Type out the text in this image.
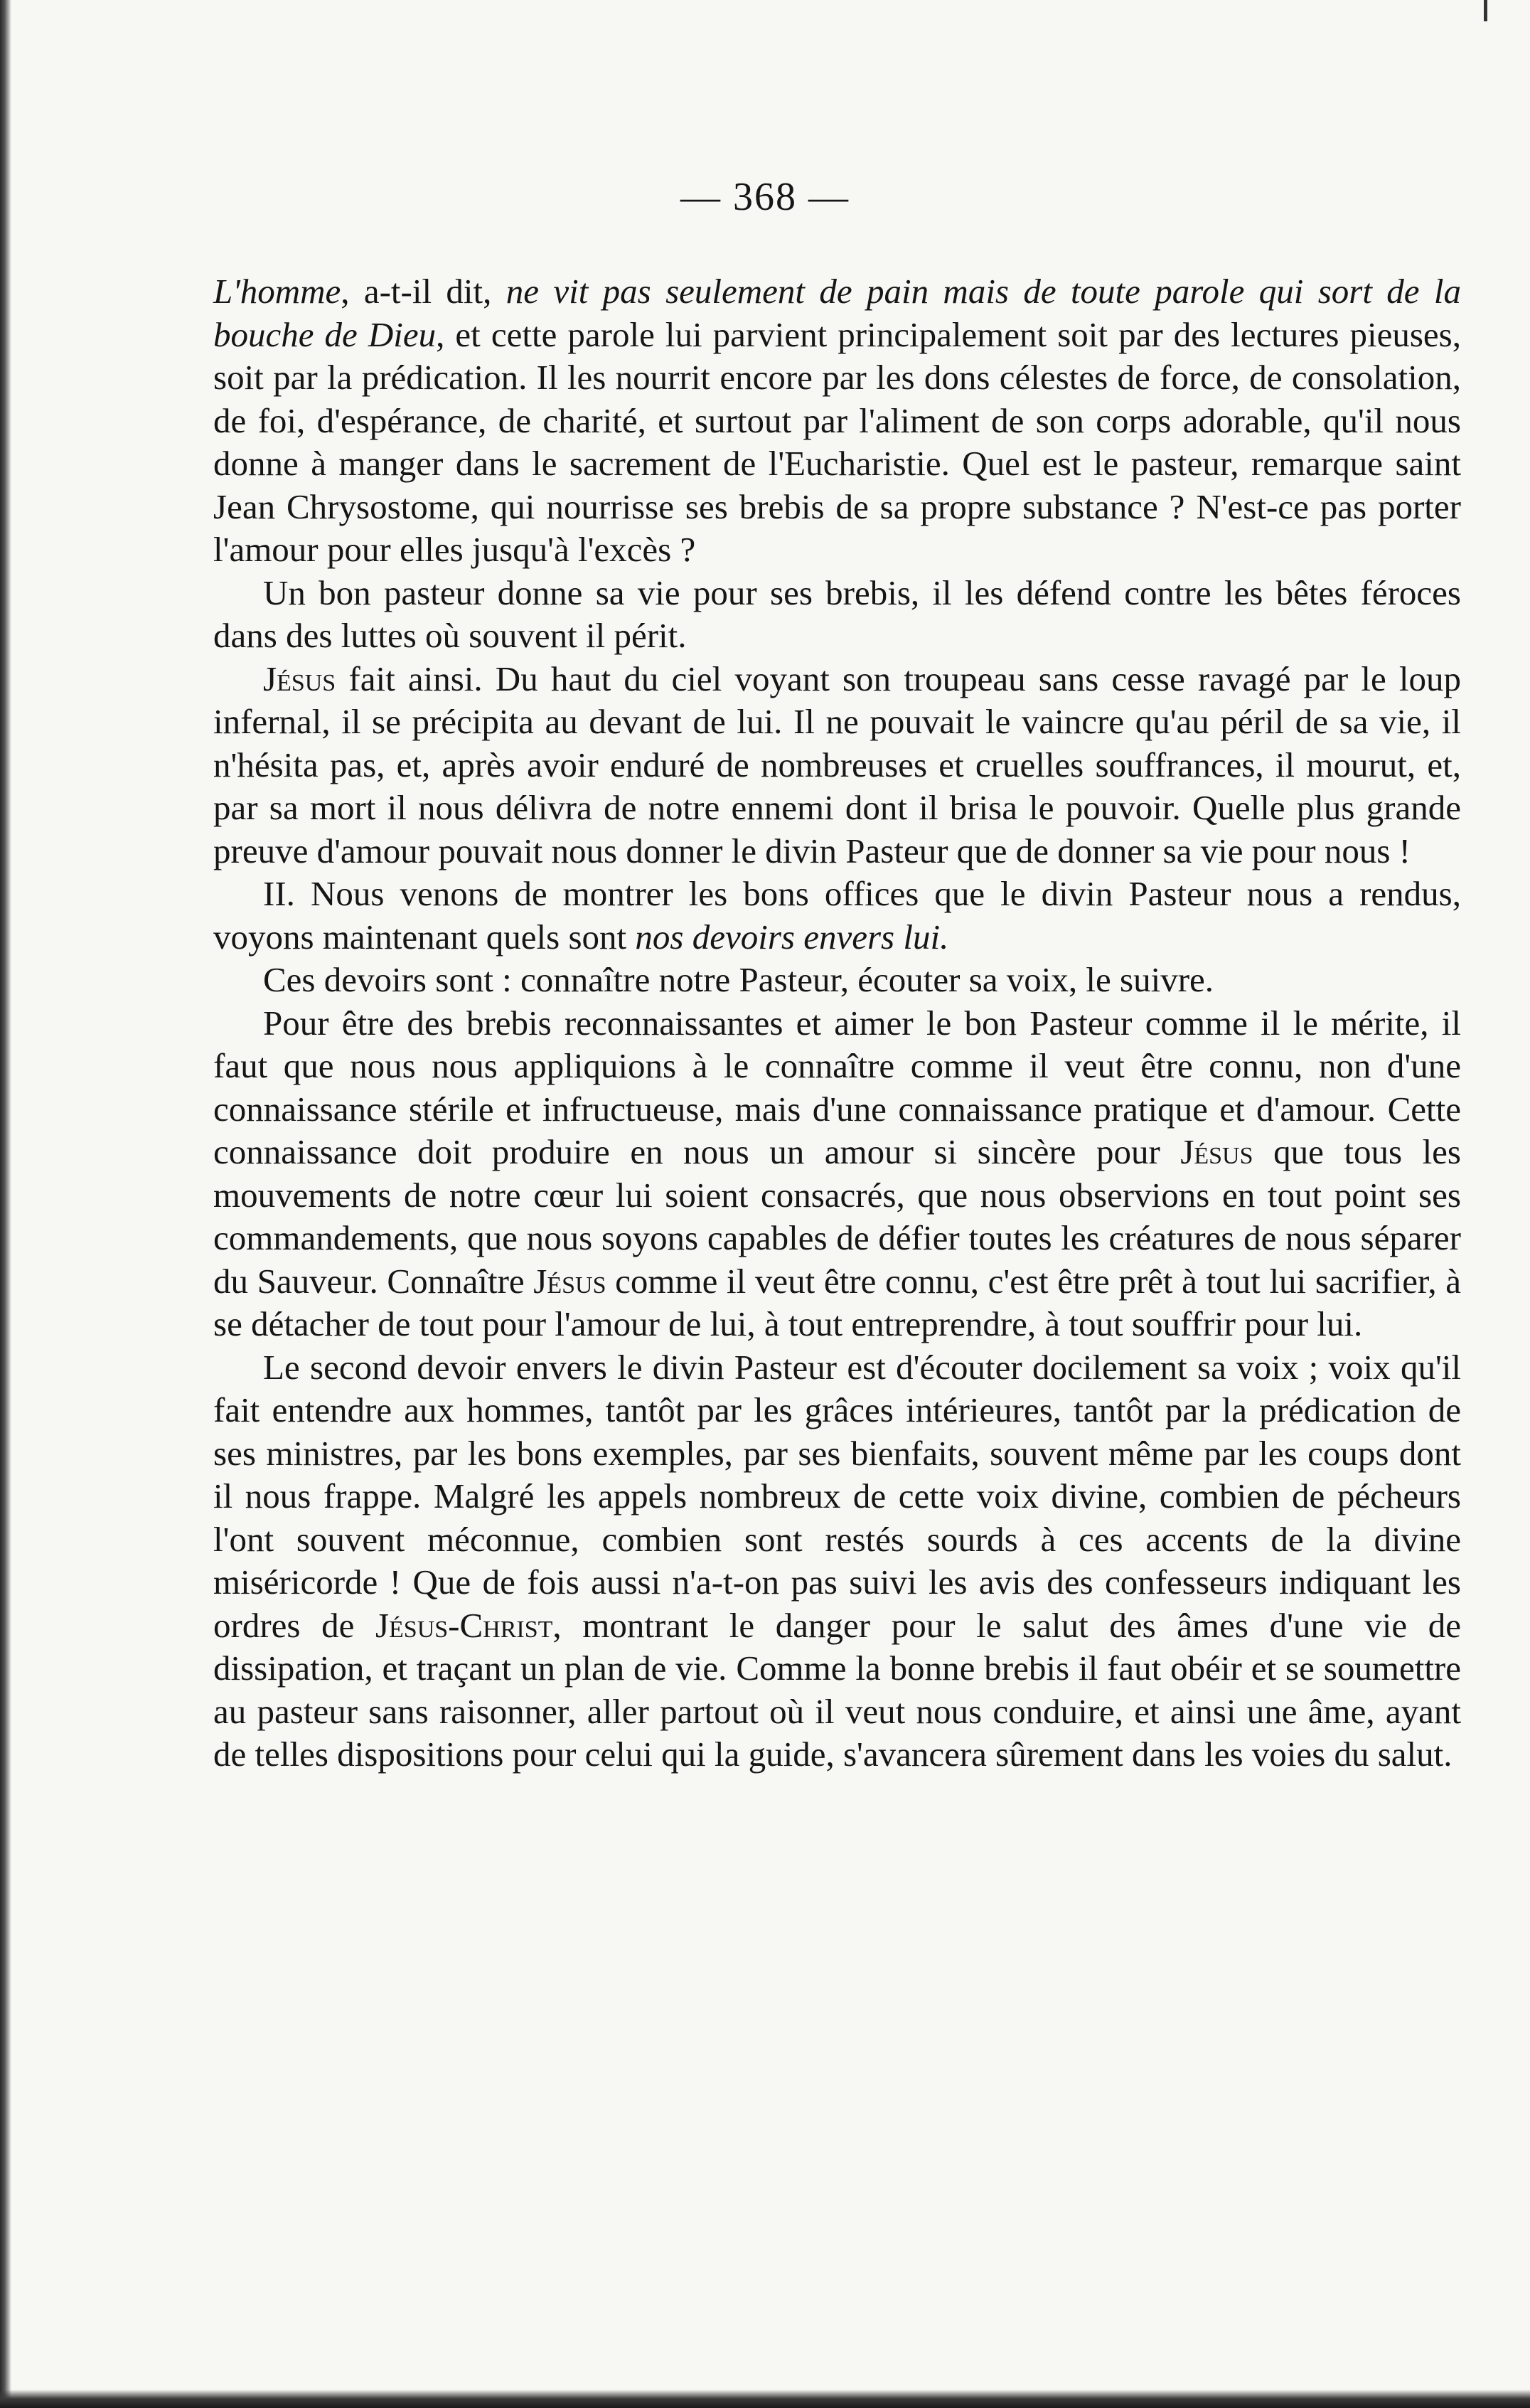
— 368 —

L'homme, a-t-il dit, ne vit pas seulement de pain mais de toute parole qui sort de la bouche de Dieu, et cette parole lui parvient principalement soit par des lectures pieuses, soit par la prédication. Il les nourrit encore par les dons célestes de force, de consolation, de foi, d'espérance, de charité, et surtout par l'aliment de son corps adorable, qu'il nous donne à manger dans le sacrement de l'Eucharistie. Quel est le pasteur, remarque saint Jean Chrysostome, qui nourrisse ses brebis de sa propre substance ? N'est-ce pas porter l'amour pour elles jusqu'à l'excès ?

Un bon pasteur donne sa vie pour ses brebis, il les défend contre les bêtes féroces dans des luttes où souvent il périt.

Jésus fait ainsi. Du haut du ciel voyant son troupeau sans cesse ravagé par le loup infernal, il se précipita au devant de lui. Il ne pouvait le vaincre qu'au péril de sa vie, il n'hésita pas, et, après avoir enduré de nombreuses et cruelles souffrances, il mourut, et, par sa mort il nous délivra de notre ennemi dont il brisa le pouvoir. Quelle plus grande preuve d'amour pouvait nous donner le divin Pasteur que de donner sa vie pour nous !

II. Nous venons de montrer les bons offices que le divin Pasteur nous a rendus, voyons maintenant quels sont nos devoirs envers lui.

Ces devoirs sont : connaître notre Pasteur, écouter sa voix, le suivre.

Pour être des brebis reconnaissantes et aimer le bon Pasteur comme il le mérite, il faut que nous nous appliquions à le connaître comme il veut être connu, non d'une connaissance stérile et infructueuse, mais d'une connaissance pratique et d'amour. Cette connaissance doit produire en nous un amour si sincère pour Jésus que tous les mouvements de notre cœur lui soient consacrés, que nous observions en tout point ses commandements, que nous soyons capables de défier toutes les créatures de nous séparer du Sauveur. Connaître Jésus comme il veut être connu, c'est être prêt à tout lui sacrifier, à se détacher de tout pour l'amour de lui, à tout entreprendre, à tout souffrir pour lui.

Le second devoir envers le divin Pasteur est d'écouter docilement sa voix ; voix qu'il fait entendre aux hommes, tantôt par les grâces intérieures, tantôt par la prédication de ses ministres, par les bons exemples, par ses bienfaits, souvent même par les coups dont il nous frappe. Malgré les appels nombreux de cette voix divine, combien de pécheurs l'ont souvent méconnue, combien sont restés sourds à ces accents de la divine miséricorde ! Que de fois aussi n'a-t-on pas suivi les avis des confesseurs indiquant les ordres de Jésus-Christ, montrant le danger pour le salut des âmes d'une vie de dissipation, et traçant un plan de vie. Comme la bonne brebis il faut obéir et se soumettre au pasteur sans raisonner, aller partout où il veut nous conduire, et ainsi une âme, ayant de telles dispositions pour celui qui la guide, s'avancera sûrement dans les voies du salut.
